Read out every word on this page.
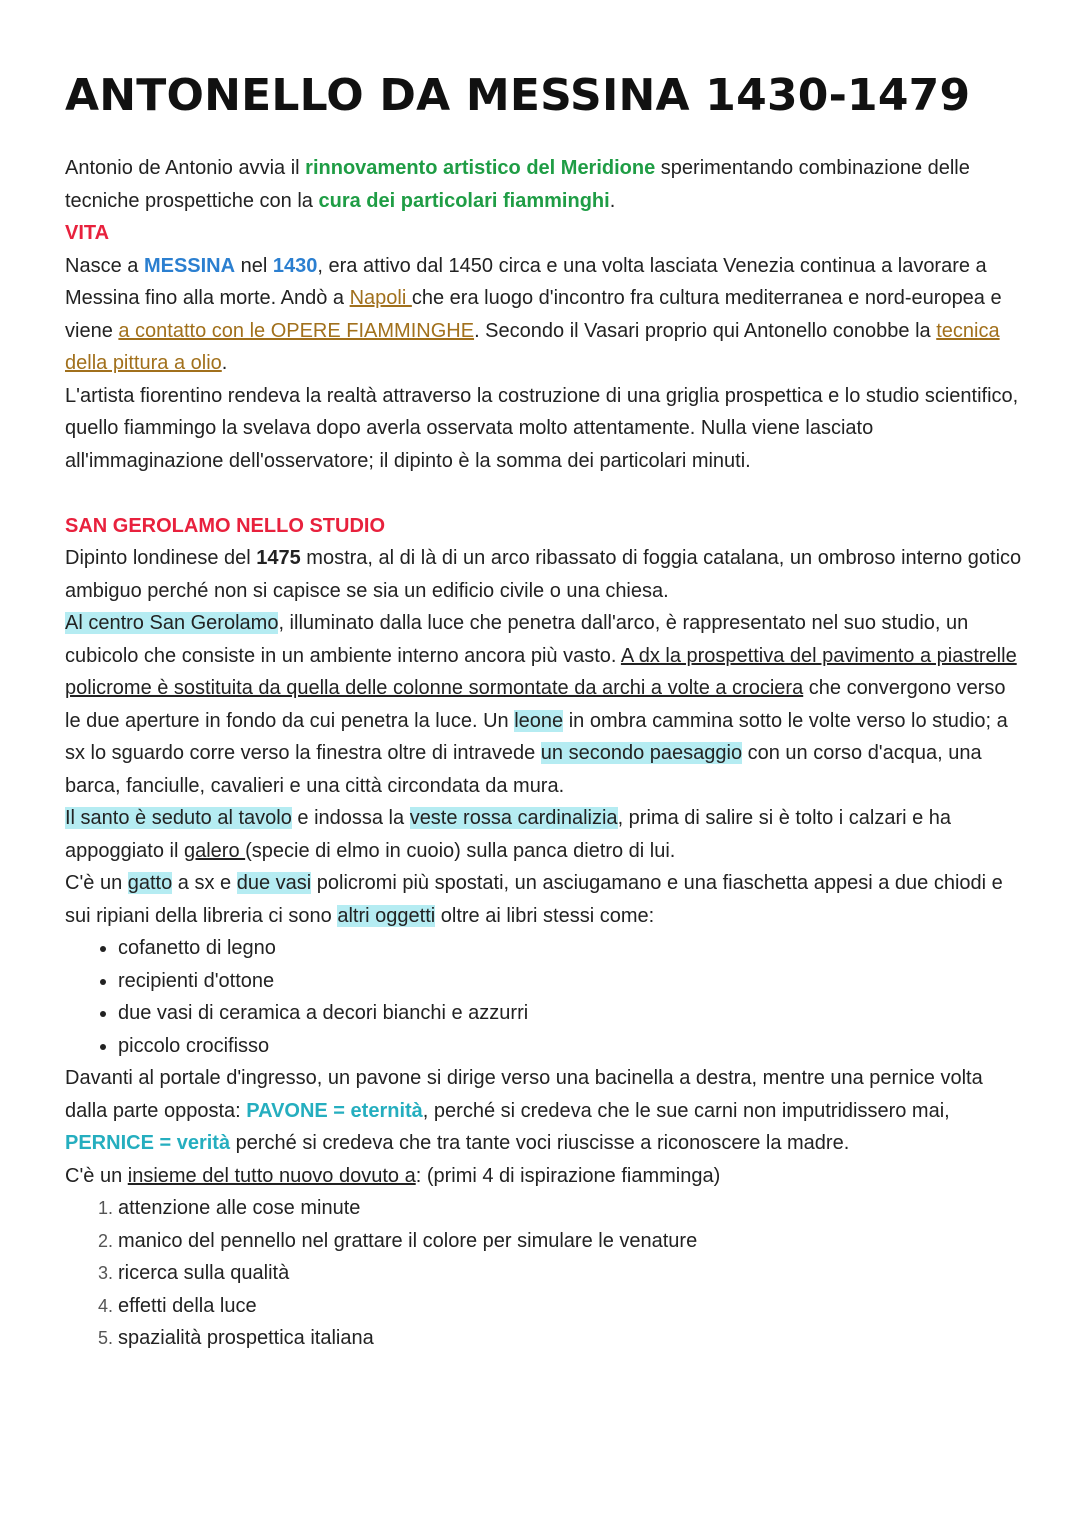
ANTONELLO DA MESSINA 1430-1479

Antonio de Antonio avvia il rinnovamento artistico del Meridione sperimentando combinazione delle tecniche prospettiche con la cura dei particolari fiamminghi.

VITA

Nasce a MESSINA nel 1430, era attivo dal 1450 circa e una volta lasciata Venezia continua a lavorare a Messina fino alla morte. Andò a Napoli che era luogo d'incontro fra cultura mediterranea e nord-europea e viene a contatto con le OPERE FIAMMINGHE. Secondo il Vasari proprio qui Antonello conobbe la tecnica della pittura a olio.

L'artista fiorentino rendeva la realtà attraverso la costruzione di una griglia prospettica e lo studio scientifico, quello fiammingo la svelava dopo averla osservata molto attentamente. Nulla viene lasciato all'immaginazione dell'osservatore; il dipinto è la somma dei particolari minuti.

SAN GEROLAMO NELLO STUDIO

Dipinto londinese del 1475 mostra, al di là di un arco ribassato di foggia catalana, un ombroso interno gotico ambiguo perché non si capisce se sia un edificio civile o una chiesa.

Al centro San Gerolamo, illuminato dalla luce che penetra dall'arco, è rappresentato nel suo studio, un cubicolo che consiste in un ambiente interno ancora più vasto. A dx la prospettiva del pavimento a piastrelle policrome è sostituita da quella delle colonne sormontate da archi a volte a crociera che convergono verso le due aperture in fondo da cui penetra la luce. Un leone in ombra cammina sotto le volte verso lo studio; a sx lo sguardo corre verso la finestra oltre di intravede un secondo paesaggio con un corso d'acqua, una barca, fanciulle, cavalieri e una città circondata da mura.

Il santo è seduto al tavolo e indossa la veste rossa cardinalizia, prima di salire si è tolto i calzari e ha appoggiato il galero (specie di elmo in cuoio) sulla panca dietro di lui.

C'è un gatto a sx e due vasi policromi più spostati, un asciugamano e una fiaschetta appesi a due chiodi e sui ripiani della libreria ci sono altri oggetti oltre ai libri stessi come:

• cofanetto di legno
• recipienti d'ottone
• due vasi di ceramica a decori bianchi e azzurri
• piccolo crocifisso

Davanti al portale d'ingresso, un pavone si dirige verso una bacinella a destra, mentre una pernice volta dalla parte opposta: PAVONE = eternità, perché si credeva che le sue carni non imputridissero mai, PERNICE = verità perché si credeva che tra tante voci riuscisse a riconoscere la madre.

C'è un insieme del tutto nuovo dovuto a: (primi 4 di ispirazione fiamminga)

1. attenzione alle cose minute
2. manico del pennello nel grattare il colore per simulare le venature
3. ricerca sulla qualità
4. effetti della luce
5. spazialità prospettica italiana
